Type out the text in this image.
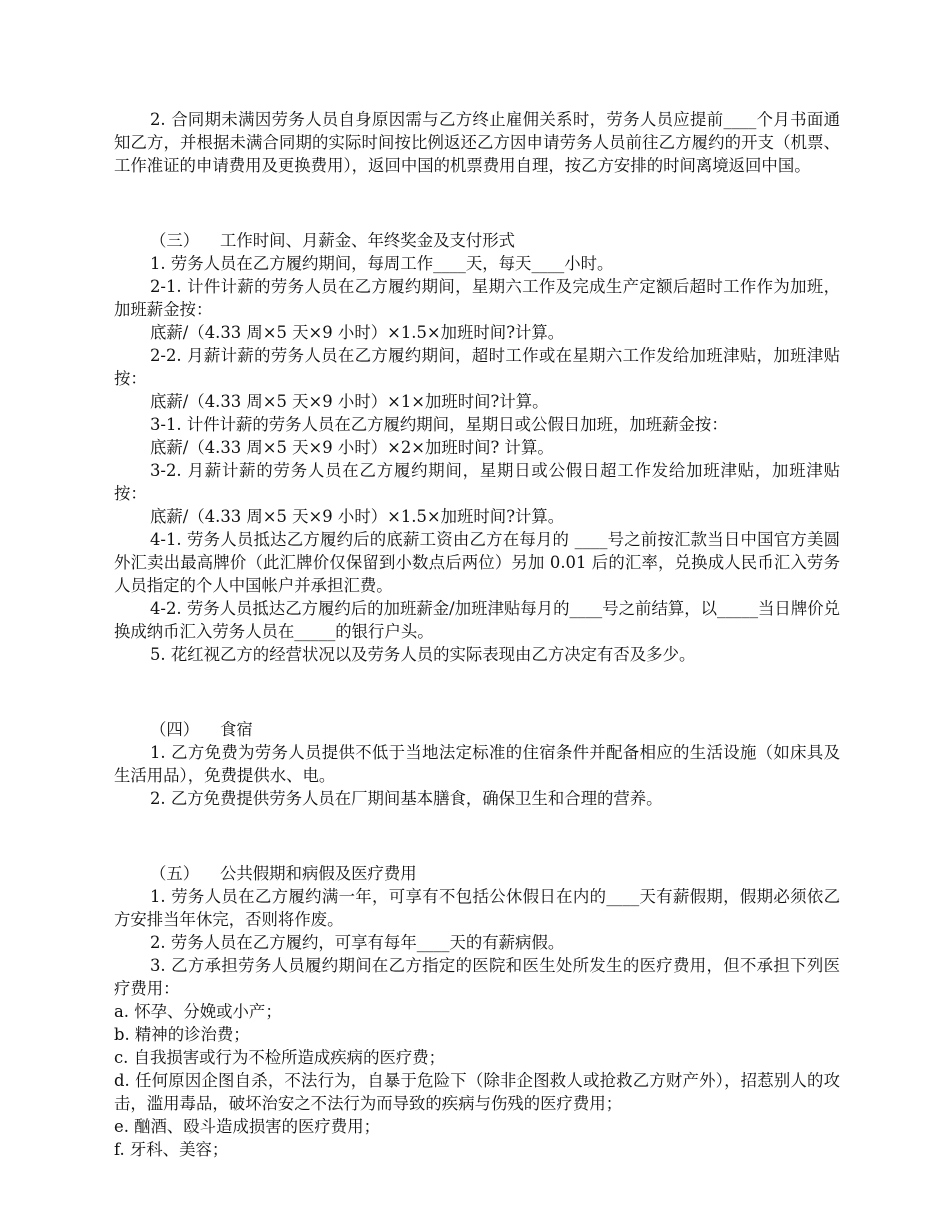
2. 合同期未满因劳务人员自身原因需与乙方终止雇佣关系时，劳务人员应提前____个月书面通知乙方，并根据未满合同期的实际时间按比例返还乙方因申请劳务人员前往乙方履约的开支（机票、工作准证的申请费用及更换费用），返回中国的机票费用自理，按乙方安排的时间离境返回中国。

（三）    工作时间、月薪金、年终奖金及支付形式

1. 劳务人员在乙方履约期间，每周工作____天，每天____小时。

2-1. 计件计薪的劳务人员在乙方履约期间，星期六工作及完成生产定额后超时工作作为加班，加班薪金按：

底薪/（4.33 周×5 天×9 小时）×1.5×加班时间?计算。

2-2. 月薪计薪的劳务人员在乙方履约期间，超时工作或在星期六工作发给加班津贴，加班津贴按：

底薪/（4.33 周×5 天×9 小时）×1×加班时间?计算。

3-1. 计件计薪的劳务人员在乙方履约期间，星期日或公假日加班，加班薪金按：

底薪/（4.33 周×5 天×9 小时）×2×加班时间? 计算。

3-2. 月薪计薪的劳务人员在乙方履约期间，星期日或公假日超工作发给加班津贴，加班津贴按：

底薪/（4.33 周×5 天×9 小时）×1.5×加班时间?计算。

4-1. 劳务人员抵达乙方履约后的底薪工资由乙方在每月的 ____号之前按汇款当日中国官方美圆外汇卖出最高牌价（此汇牌价仅保留到小数点后两位）另加 0.01 后的汇率，兑换成人民币汇入劳务人员指定的个人中国帐户并承担汇费。

4-2. 劳务人员抵达乙方履约后的加班薪金/加班津贴每月的____号之前结算，以_____当日牌价兑换成纳币汇入劳务人员在_____的银行户头。

5. 花红视乙方的经营状况以及劳务人员的实际表现由乙方决定有否及多少。

（四）    食宿

1. 乙方免费为劳务人员提供不低于当地法定标准的住宿条件并配备相应的生活设施（如床具及生活用品），免费提供水、电。

2. 乙方免费提供劳务人员在厂期间基本膳食，确保卫生和合理的营养。

（五）    公共假期和病假及医疗费用

1. 劳务人员在乙方履约满一年，可享有不包括公休假日在内的____天有薪假期，假期必须依乙方安排当年休完，否则将作废。

2. 劳务人员在乙方履约，可享有每年____天的有薪病假。

3. 乙方承担劳务人员履约期间在乙方指定的医院和医生处所发生的医疗费用，但不承担下列医疗费用：

a. 怀孕、分娩或小产；

b. 精神的诊治费；

c. 自我损害或行为不检所造成疾病的医疗费；

d. 任何原因企图自杀，不法行为，自暴于危险下（除非企图救人或抢救乙方财产外），招惹别人的攻击，滥用毒品，破坏治安之不法行为而导致的疾病与伤残的医疗费用；

e. 酗酒、殴斗造成损害的医疗费用；

f. 牙科、美容；
